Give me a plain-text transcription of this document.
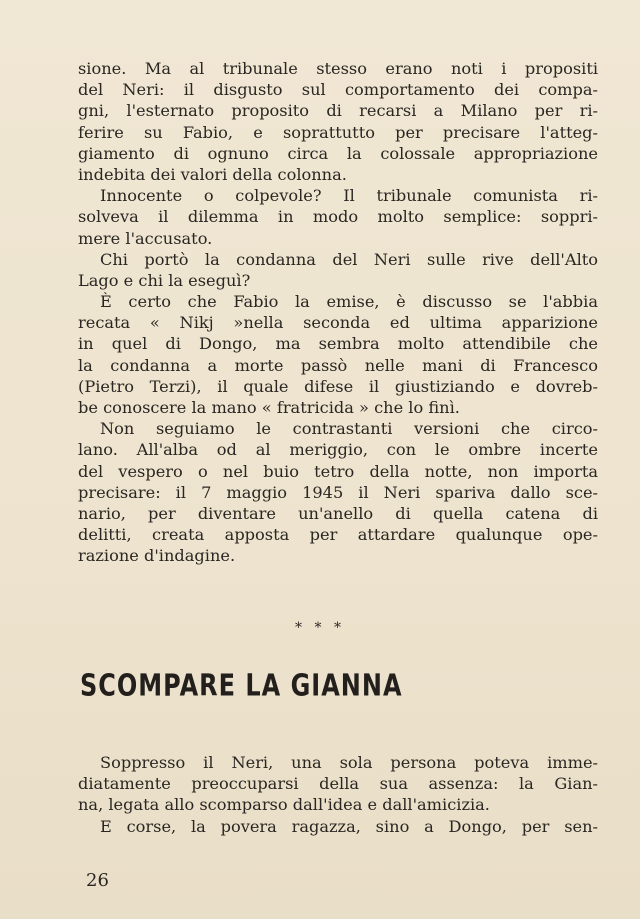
sione. Ma al tribunale stesso erano noti i propositi
del Neri: il disgusto sul comportamento dei compa-
gni, l'esternato proposito di recarsi a Milano per ri-
ferire su Fabio, e soprattutto per precisare l'atteg-
giamento di ognuno circa la colossale appropriazione
indebita dei valori della colonna.
Innocente o colpevole? Il tribunale comunista ri-
solveva il dilemma in modo molto semplice: soppri-
mere l'accusato.
Chi portò la condanna del Neri sulle rive dell'Alto
Lago e chi la eseguì?
È certo che Fabio la emise, è discusso se l'abbia
recata « Nikj »nella seconda ed ultima apparizione
in quel di Dongo, ma sembra molto attendibile che
la condanna a morte passò nelle mani di Francesco
(Pietro Terzi), il quale difese il giustiziando e dovreb-
be conoscere la mano « fratricida » che lo finì.
Non seguiamo le contrastanti versioni che circo-
lano. All'alba od al meriggio, con le ombre incerte
del vespero o nel buio tetro della notte, non importa
precisare: il 7 maggio 1945 il Neri spariva dallo sce-
nario, per diventare un'anello di quella catena di
delitti, creata apposta per attardare qualunque ope-
razione d'indagine.
* * *
SCOMPARE LA GIANNA
Soppresso il Neri, una sola persona poteva imme-
diatamente preoccuparsi della sua assenza: la Gian-
na, legata allo scomparso dall'idea e dall'amicizia.
E corse, la povera ragazza, sino a Dongo, per sen-
26
